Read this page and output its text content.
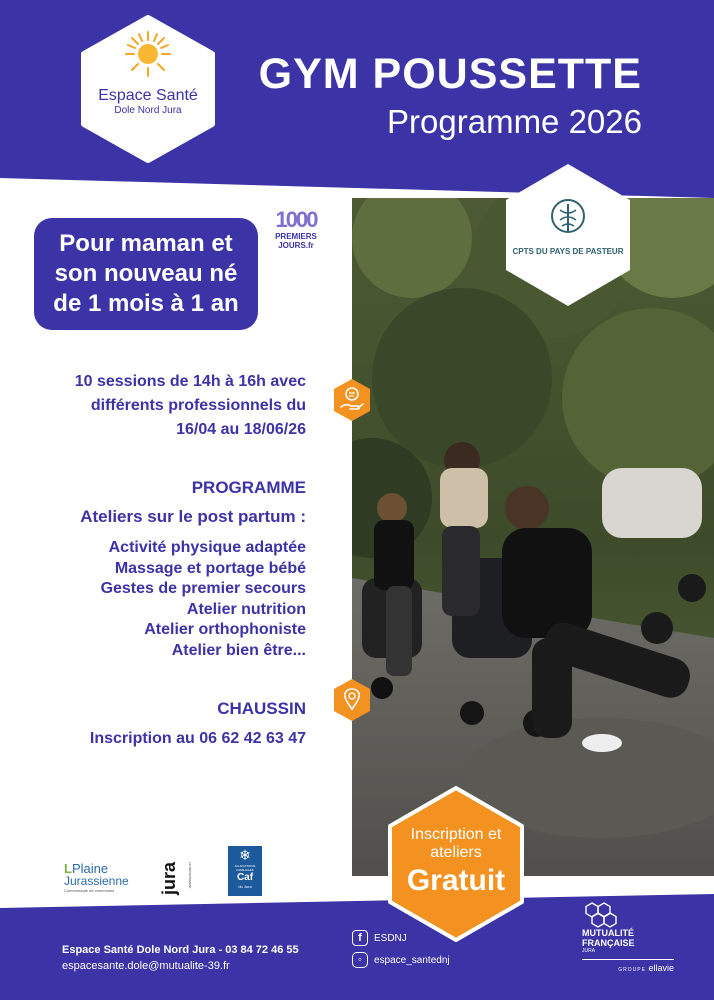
Espace Santé
Dole Nord Jura
GYM POUSSETTE
Programme 2026
CPTS DU PAYS DE PASTEUR
Pour maman et
son nouveau né
de 1 mois à 1 an
1000
PREMIERS
JOURS.fr
10 sessions de 14h à 16h avec
différents professionnels du
16/04 au 18/06/26
PROGRAMME
Ateliers sur le post partum :
Activité physique adaptée
Massage et portage bébé
Gestes de premier secours
Atelier nutrition
Atelier orthophoniste
Atelier bien être...
CHAUSSIN
Inscription au 06 62 42 63 47
LPlaine
Jurassienne
Communauté de communes	jura	LE DÉPARTEMENT
❄
ALLOCATIONS FAMILIALES
Caf
du Jura
Inscription et
ateliers
Gratuit
Espace Santé Dole Nord Jura - 03 84 72 46 55
espacesante.dole@mutualite-39.fr
f	ESDNJ
◦	espace_santednj
MUTUALITÉ
FRANÇAISE
JURA
GROUPE ellavie
